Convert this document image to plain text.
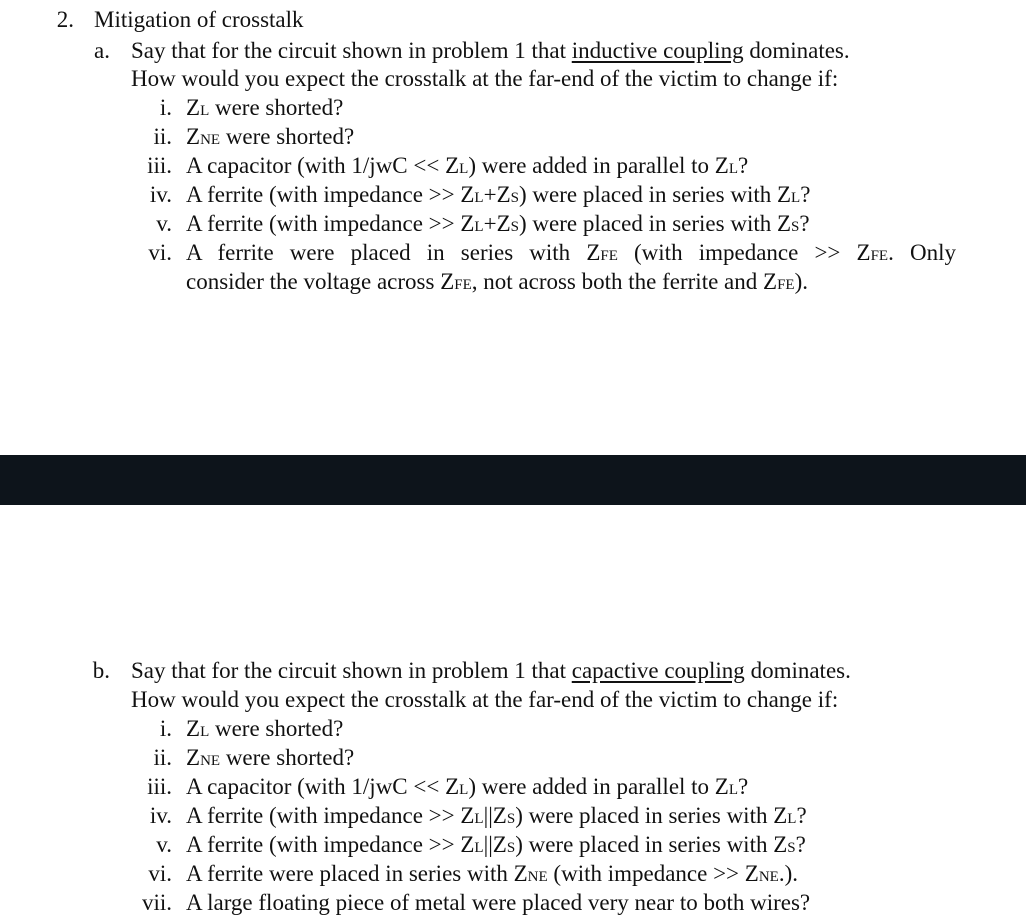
2. Mitigation of crosstalk
a. Say that for the circuit shown in problem 1 that inductive coupling dominates.
How would you expect the crosstalk at the far-end of the victim to change if:
i. ZL were shorted?
ii. ZNE were shorted?
iii. A capacitor (with 1/jwC << ZL) were added in parallel to ZL?
iv. A ferrite (with impedance >> ZL+ZS) were placed in series with ZL?
v. A ferrite (with impedance >> ZL+ZS) were placed in series with ZS?
vi. A ferrite were placed in series with ZFE (with impedance >> ZFE. Only
consider the voltage across ZFE, not across both the ferrite and ZFE).
b. Say that for the circuit shown in problem 1 that capactive coupling dominates.
How would you expect the crosstalk at the far-end of the victim to change if:
i. ZL were shorted?
ii. ZNE were shorted?
iii. A capacitor (with 1/jwC << ZL) were added in parallel to ZL?
iv. A ferrite (with impedance >> ZL||ZS) were placed in series with ZL?
v. A ferrite (with impedance >> ZL||ZS) were placed in series with ZS?
vi. A ferrite were placed in series with ZNE (with impedance >> ZNE.).
vii. A large floating piece of metal were placed very near to both wires?
